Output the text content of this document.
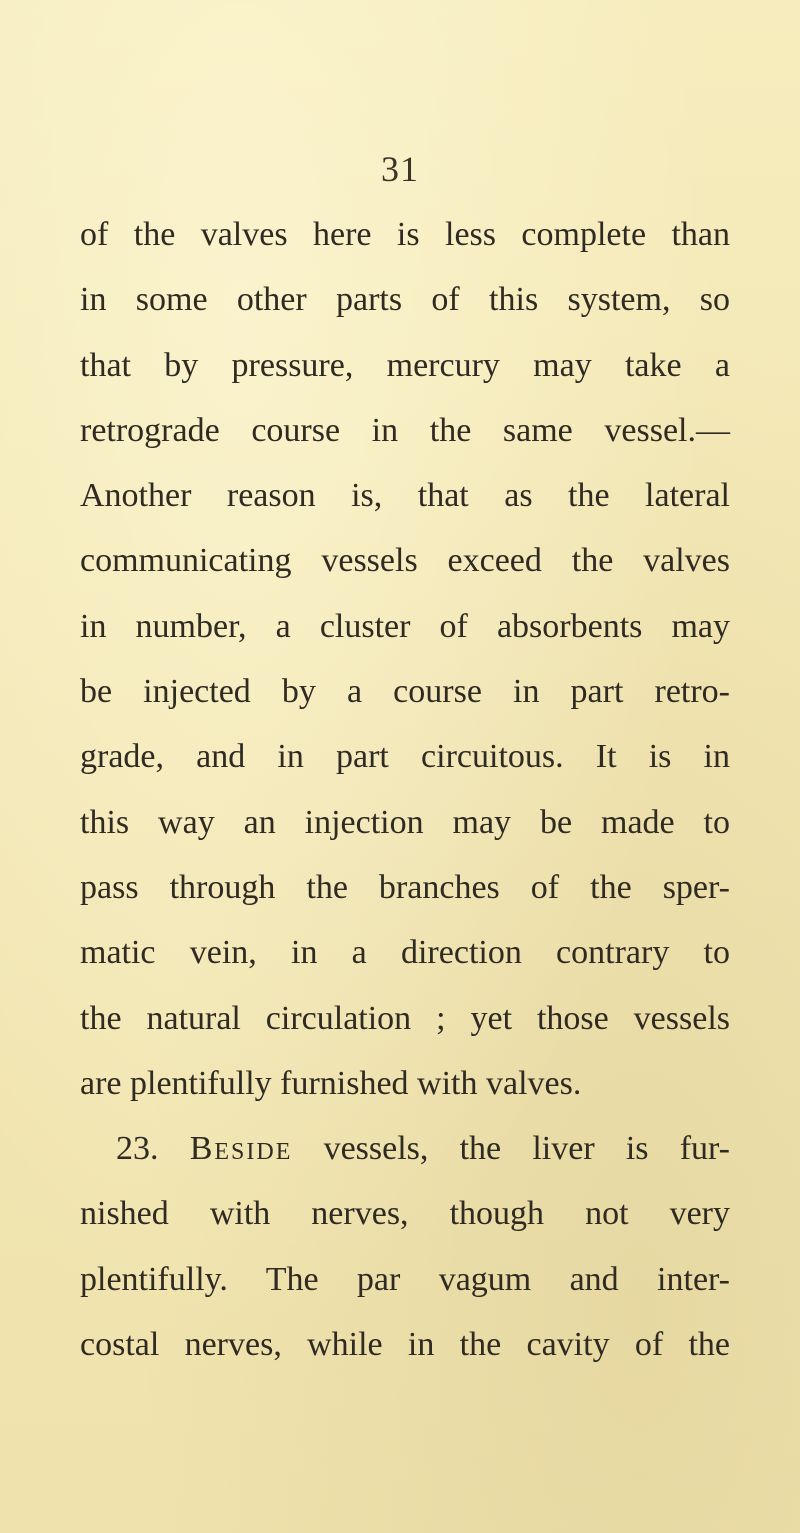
31
of the valves here is less complete than
in some other parts of this system, so
that by pressure, mercury may take a
retrograde course in the same vessel.—
Another reason is, that as the lateral
communicating vessels exceed the valves
in number, a cluster of absorbents may
be injected by a course in part retro-
grade, and in part circuitous. It is in
this way an injection may be made to
pass through the branches of the sper-
matic vein, in a direction contrary to
the natural circulation ; yet those vessels
are plentifully furnished with valves.
23. Beside vessels, the liver is fur-
nished with nerves, though not very
plentifully. The par vagum and inter-
costal nerves, while in the cavity of the
